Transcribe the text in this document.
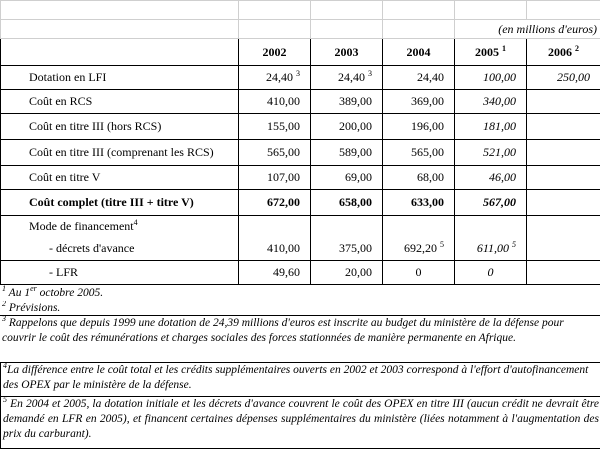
				(en millions d'euros)	
	2002	2003	2004	2005 $^1$	2006 $^2$
Dotation en LFI	24,40 $^3$	24,40 $^3$	24,40	100,00	250,00
Coût en RCS	410,00	389,00	369,00	340,00	
Coût en titre III (hors RCS)	155,00	200,00	196,00	181,00	
Coût en titre III (comprenant les RCS)	565,00	589,00	565,00	521,00	
Coût en titre V	107,00	69,00	68,00	46,00	
Coût complet (titre III + titre V)	672,00	658,00	633,00	567,00	
Mode de financement$^4$					
- décrets d'avance	410,00	375,00	692,20 $^5$	611,00 $^5$	
- LFR	49,60	20,00	0	0	
$^1$ Au 1er octobre 2005.
$^2$ Prévisions.
$^3$ Rappelons que depuis 1999 une dotation de 24,39 millions d'euros est inscrite au budget du ministère de la défense pour couvrir le coût des rémunérations et charges sociales des forces stationnées de manière permanente en Afrique.
$^4$La différence entre le coût total et les crédits supplémentaires ouverts en 2002 et 2003 correspond à l'effort d'autofinancement des OPEX par le ministère de la défense.
$^5$ En 2004 et 2005, la dotation initiale et les décrets d'avance couvrent le coût des OPEX en titre III (aucun crédit ne devrait être demandé en LFR en 2005), et financent certaines dépenses supplémentaires du ministère (liées notamment à l'augmentation des prix du carburant).
